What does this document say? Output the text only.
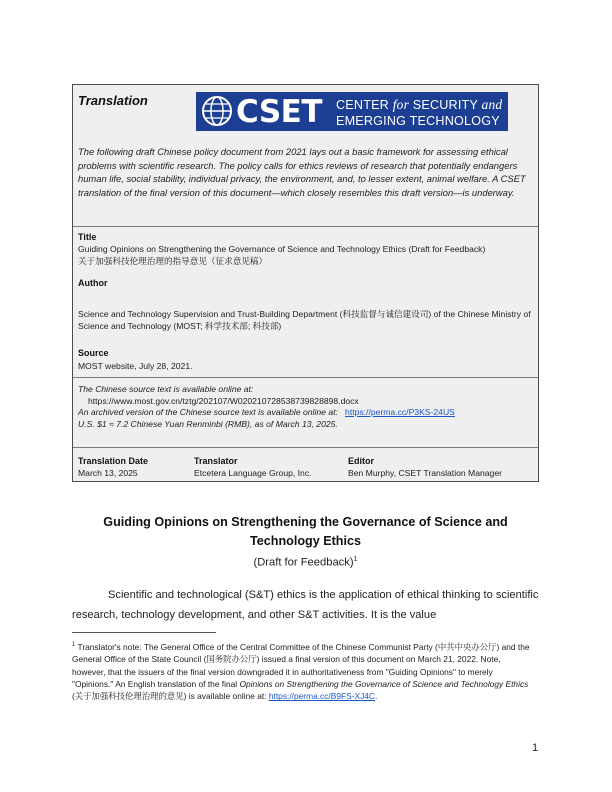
Translation	CSET CENTER for SECURITY and
EMERGING TECHNOLOGY
The following draft Chinese policy document from 2021 lays out a basic framework for assessing ethical problems with scientific research. The policy calls for ethics reviews of research that potentially endangers human life, social stability, individual privacy, the environment, and, to lesser extent, animal welfare. A CSET translation of the final version of this document—which closely resembles this draft version—is underway.
Title
Guiding Opinions on Strengthening the Governance of Science and Technology Ethics (Draft for Feedback)
关于加强科技伦理治理的指导意见（征求意见稿）
Author
Science and Technology Supervision and Trust-Building Department (科技监督与诚信建设司) of the Chinese Ministry of Science and Technology (MOST; 科学技术部; 科技部)
Source
MOST website, July 28, 2021.
The Chinese source text is available online at:
https://www.most.gov.cn/tztg/202107/W020210728538739828898.docx
An archived version of the Chinese source text is available online at: https://perma.cc/P3KS-24US
U.S. $1 ≈ 7.2 Chinese Yuan Renminbi (RMB), as of March 13, 2025.
Translation Date
March 13, 2025
Translator
Etcetera Language Group, Inc.
Editor
Ben Murphy, CSET Translation Manager
Guiding Opinions on Strengthening the Governance of Science and Technology Ethics
(Draft for Feedback)$^1$
Scientific and technological (S&T) ethics is the application of ethical thinking to scientific research, technology development, and other S&T activities. It is the value
$^1$ Translator's note: The General Office of the Central Committee of the Chinese Communist Party (中共中央办公厅) and the General Office of the State Council (国务院办公厅) issued a final version of this document on March 21, 2022. Note, however, that the issuers of the final version downgraded it in authoritativeness from "Guiding Opinions" to merely "Opinions." An English translation of the final Opinions on Strengthening the Governance of Science and Technology Ethics (关于加强科技伦理治理的意见) is available online at: https://perma.cc/B9FS-XJ4C.
1
